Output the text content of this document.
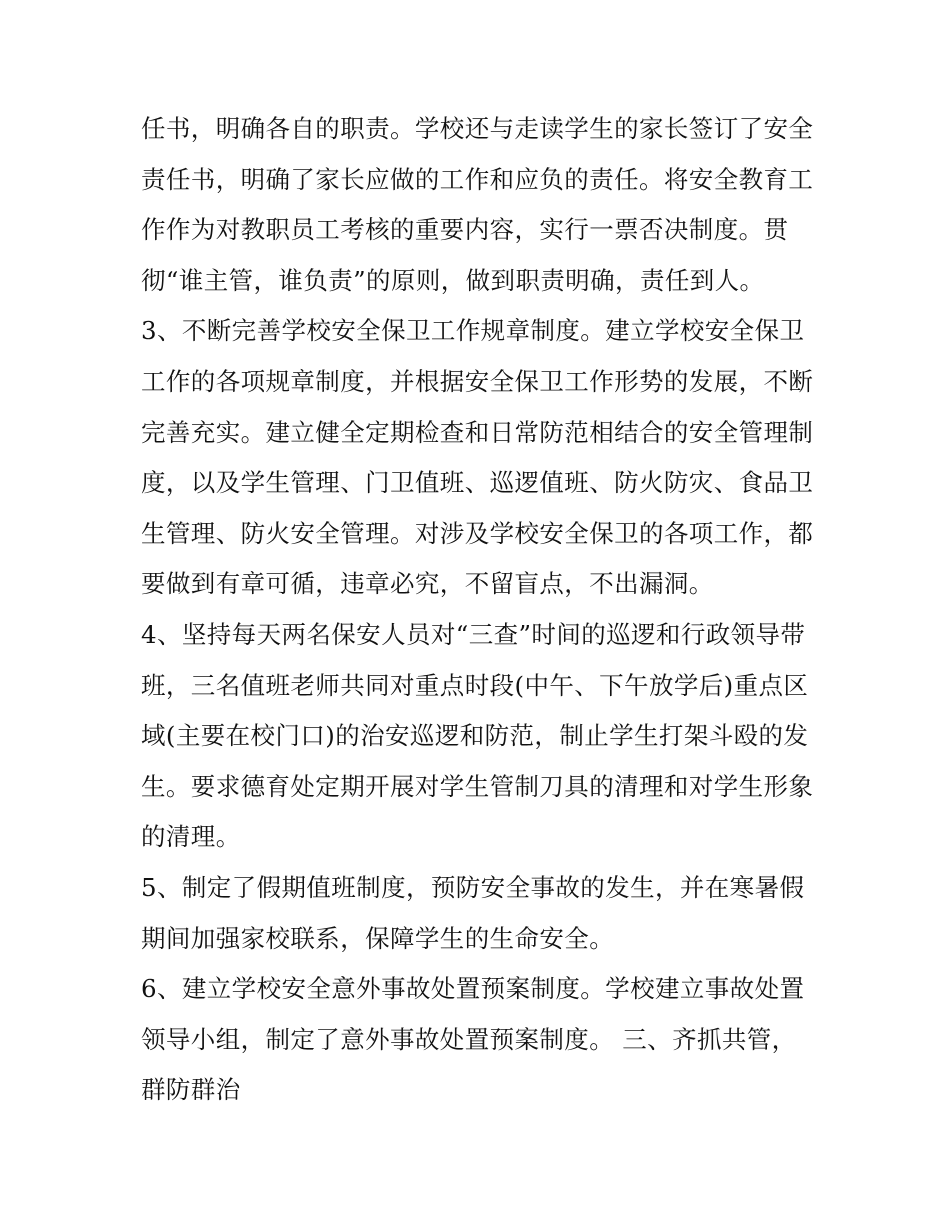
任书，明确各自的职责。学校还与走读学生的家长签订了安全
责任书，明确了家长应做的工作和应负的责任。将安全教育工
作作为对教职员工考核的重要内容，实行一票否决制度。贯
彻“谁主管，谁负责”的原则，做到职责明确，责任到人。
3、不断完善学校安全保卫工作规章制度。建立学校安全保卫
工作的各项规章制度，并根据安全保卫工作形势的发展，不断
完善充实。建立健全定期检查和日常防范相结合的安全管理制
度，以及学生管理、门卫值班、巡逻值班、防火防灾、食品卫
生管理、防火安全管理。对涉及学校安全保卫的各项工作，都
要做到有章可循，违章必究，不留盲点，不出漏洞。
4、坚持每天两名保安人员对“三查”时间的巡逻和行政领导带
班，三名值班老师共同对重点时段(中午、下午放学后)重点区
域(主要在校门口)的治安巡逻和防范，制止学生打架斗殴的发
生。要求德育处定期开展对学生管制刀具的清理和对学生形象
的清理。
5、制定了假期值班制度，预防安全事故的发生，并在寒暑假
期间加强家校联系，保障学生的生命安全。
6、建立学校安全意外事故处置预案制度。学校建立事故处置
领导小组，制定了意外事故处置预案制度。 三、齐抓共管，
群防群治
